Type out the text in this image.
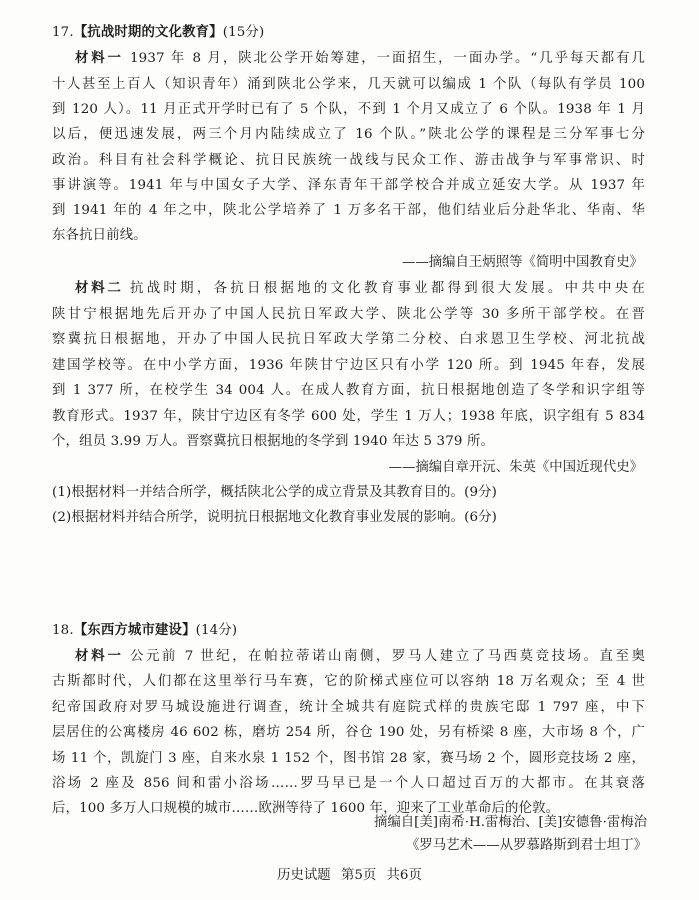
17.【抗战时期的文化教育】(15分)
材料一 1937 年 8 月，陕北公学开始筹建，一面招生，一面办学。“几乎每天都有几
十人甚至上百人（知识青年）涌到陕北公学来，几天就可以编成 1 个队（每队有学员 100
到 120 人）。11 月正式开学时已有了 5 个队，不到 1 个月又成立了 6 个队。1938 年 1 月
以后，便迅速发展，两三个月内陆续成立了 16 个队。”陕北公学的课程是三分军事七分
政治。科目有社会科学概论、抗日民族统一战线与民众工作、游击战争与军事常识、时
事讲演等。1941 年与中国女子大学、泽东青年干部学校合并成立延安大学。从 1937 年
到 1941 年的 4 年之中，陕北公学培养了 1 万多名干部，他们结业后分赴华北、华南、华
东各抗日前线。
——摘编自王炳照等《简明中国教育史》
材料二 抗战时期，各抗日根据地的文化教育事业都得到很大发展。中共中央在
陕甘宁根据地先后开办了中国人民抗日军政大学、陕北公学等 30 多所干部学校。在晋
察冀抗日根据地，开办了中国人民抗日军政大学第二分校、白求恩卫生学校、河北抗战
建国学校等。在中小学方面，1936 年陕甘宁边区只有小学 120 所。到 1945 年春，发展
到 1 377 所，在校学生 34 004 人。在成人教育方面，抗日根据地创造了冬学和识字组等
教育形式。1937 年，陕甘宁边区有冬学 600 处，学生 1 万人；1938 年底，识字组有 5 834
个，组员 3.99 万人。晋察冀抗日根据地的冬学到 1940 年达 5 379 所。
——摘编自章开沅、朱英《中国近现代史》
(1)根据材料一并结合所学，概括陕北公学的成立背景及其教育目的。(9分)
(2)根据材料并结合所学，说明抗日根据地文化教育事业发展的影响。(6分)
18.【东西方城市建设】(14分)
材料一 公元前 7 世纪，在帕拉蒂诺山南侧，罗马人建立了马西莫竞技场。直至奥
古斯都时代，人们都在这里举行马车赛，它的阶梯式座位可以容纳 18 万名观众；至 4 世
纪帝国政府对罗马城设施进行调查，统计全城共有庭院式样的贵族宅邸 1 797 座，中下
层居住的公寓楼房 46 602 栋，磨坊 254 所，谷仓 190 处，另有桥梁 8 座，大市场 8 个，广
场 11 个，凯旋门 3 座，自来水泉 1 152 个，图书馆 28 家，赛马场 2 个，圆形竞技场 2 座，
浴场 2 座及 856 间和雷小浴场……罗马早已是一个人口超过百万的大都市。在其衰落
后，100 多万人口规模的城市……欧洲等待了 1600 年，迎来了工业革命后的伦敦。
摘编自[美]南希·H.雷梅治、[美]安德鲁·雷梅治
《罗马艺术——从罗慕路斯到君士坦丁》
历史试题 第5页 共6页
